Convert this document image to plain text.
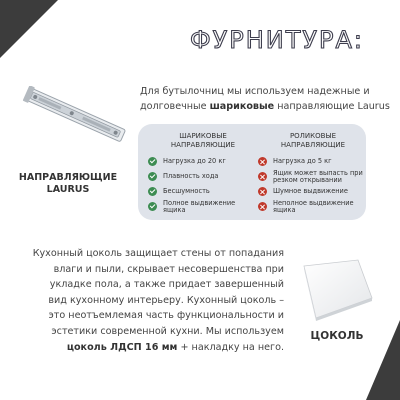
ФУРНИТУРА:
Для бутылочниц мы используем надежные и долговечные шариковые направляющие Laurus
НАПРАВЛЯЮЩИЕ LAURUS
ШАРИКОВЫЕ НАПРАВЛЯЮЩИЕ
Нагрузка до 20 кг
Плавность хода
Бесшумность
Полное выдвижение ящика
РОЛИКОВЫЕ НАПРАВЛЯЮЩИЕ
Нагрузка до 5 кг
Ящик может выпасть при резком открывании
Шумное выдвижение
Неполное выдвижение ящика
Кухонный цоколь защищает стены от попадания влаги и пыли, скрывает несовершенства при укладке пола, а также придает завершенный вид кухонному интерьеру. Кухонный цоколь – это неотъемлемая часть функциональности и эстетики современной кухни. Мы используем цоколь ЛДСП 16 мм + накладку на него.
ЦОКОЛЬ
